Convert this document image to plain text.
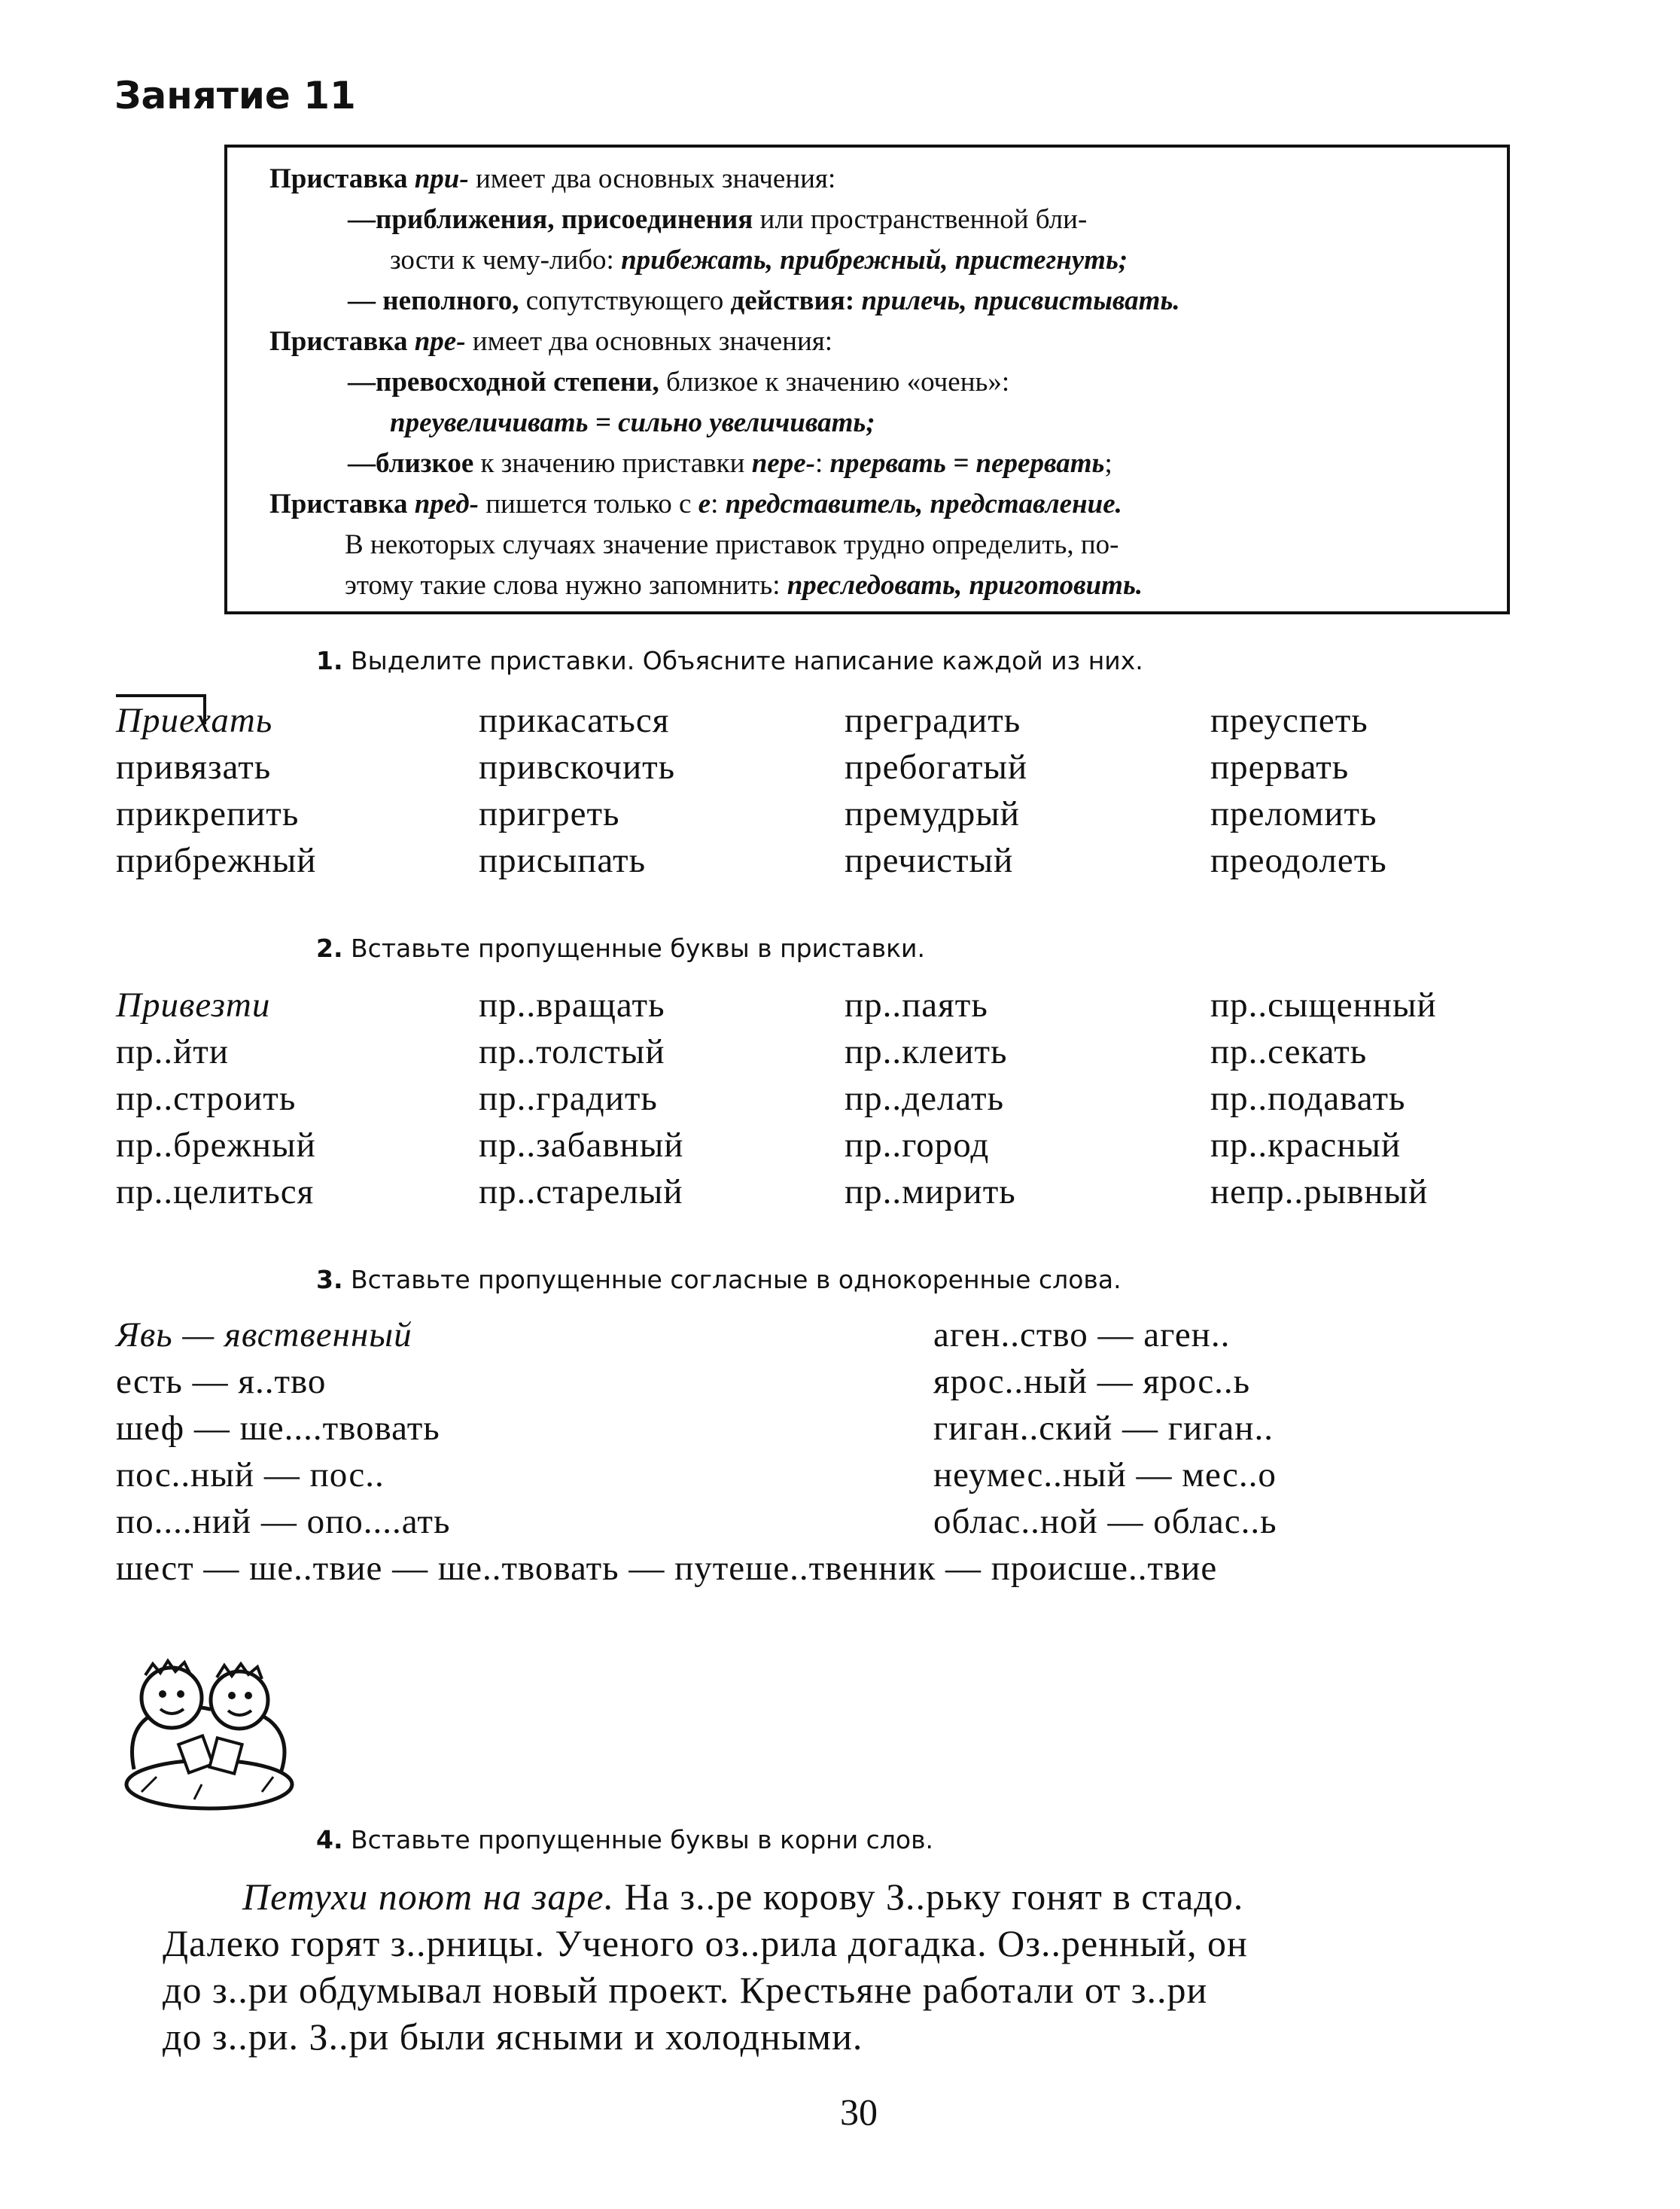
Занятие 11
Приставка при- имеет два основных значения:
—приближения, присоединения или пространственной бли-
зости к чему-либо: прибежать, прибрежный, пристегнуть;
— неполного, сопутствующего действия: прилечь, присвистывать.
Приставка пре- имеет два основных значения:
—превосходной степени, близкое к значению «очень»:
преувеличивать = сильно увеличивать;
—близкое к значению приставки пере-: прервать = перервать;
Приставка пред- пишется только с е: представитель, представление.
В некоторых случаях значение приставок трудно определить, по-
этому такие слова нужно запомнить: преследовать, приготовить.
1. Выделите приставки. Объясните написание каждой из них.
Приехать
привязать
прикрепить
прибрежный
прикасаться
привскочить
пригреть
присыпать
преградить
пребогатый
премудрый
пречистый
преуспеть
прервать
преломить
преодолеть
2. Вставьте пропущенные буквы в приставки.
Привезти
пр..йти
пр..строить
пр..брежный
пр..целиться
пр..вращать
пр..толстый
пр..градить
пр..забавный
пр..старелый
пр..паять
пр..клеить
пр..делать
пр..город
пр..мирить
пр..сыщенный
пр..секать
пр..подавать
пр..красный
непр..рывный
3. Вставьте пропущенные согласные в однокоренные слова.
Явь — явственный
есть — я..тво
шеф — ше....твовать
пос..ный — пос..
по....ний — опо....ать
аген..ство — аген..
ярос..ный — ярос..ь
гиган..ский — гиган..
неумес..ный — мес..о
облас..ной — облас..ь
шест — ше..твие — ше..твовать — путеше..твенник — происше..твие
4. Вставьте пропущенные буквы в корни слов.
Петухи поют на заре. На з..ре корову З..рьку гонят в стадо.
Далеко горят з..рницы. Ученого оз..рила догадка. Оз..ренный, он
до з..ри обдумывал новый проект. Крестьяне работали от з..ри
до з..ри. З..ри были ясными и холодными.
30
